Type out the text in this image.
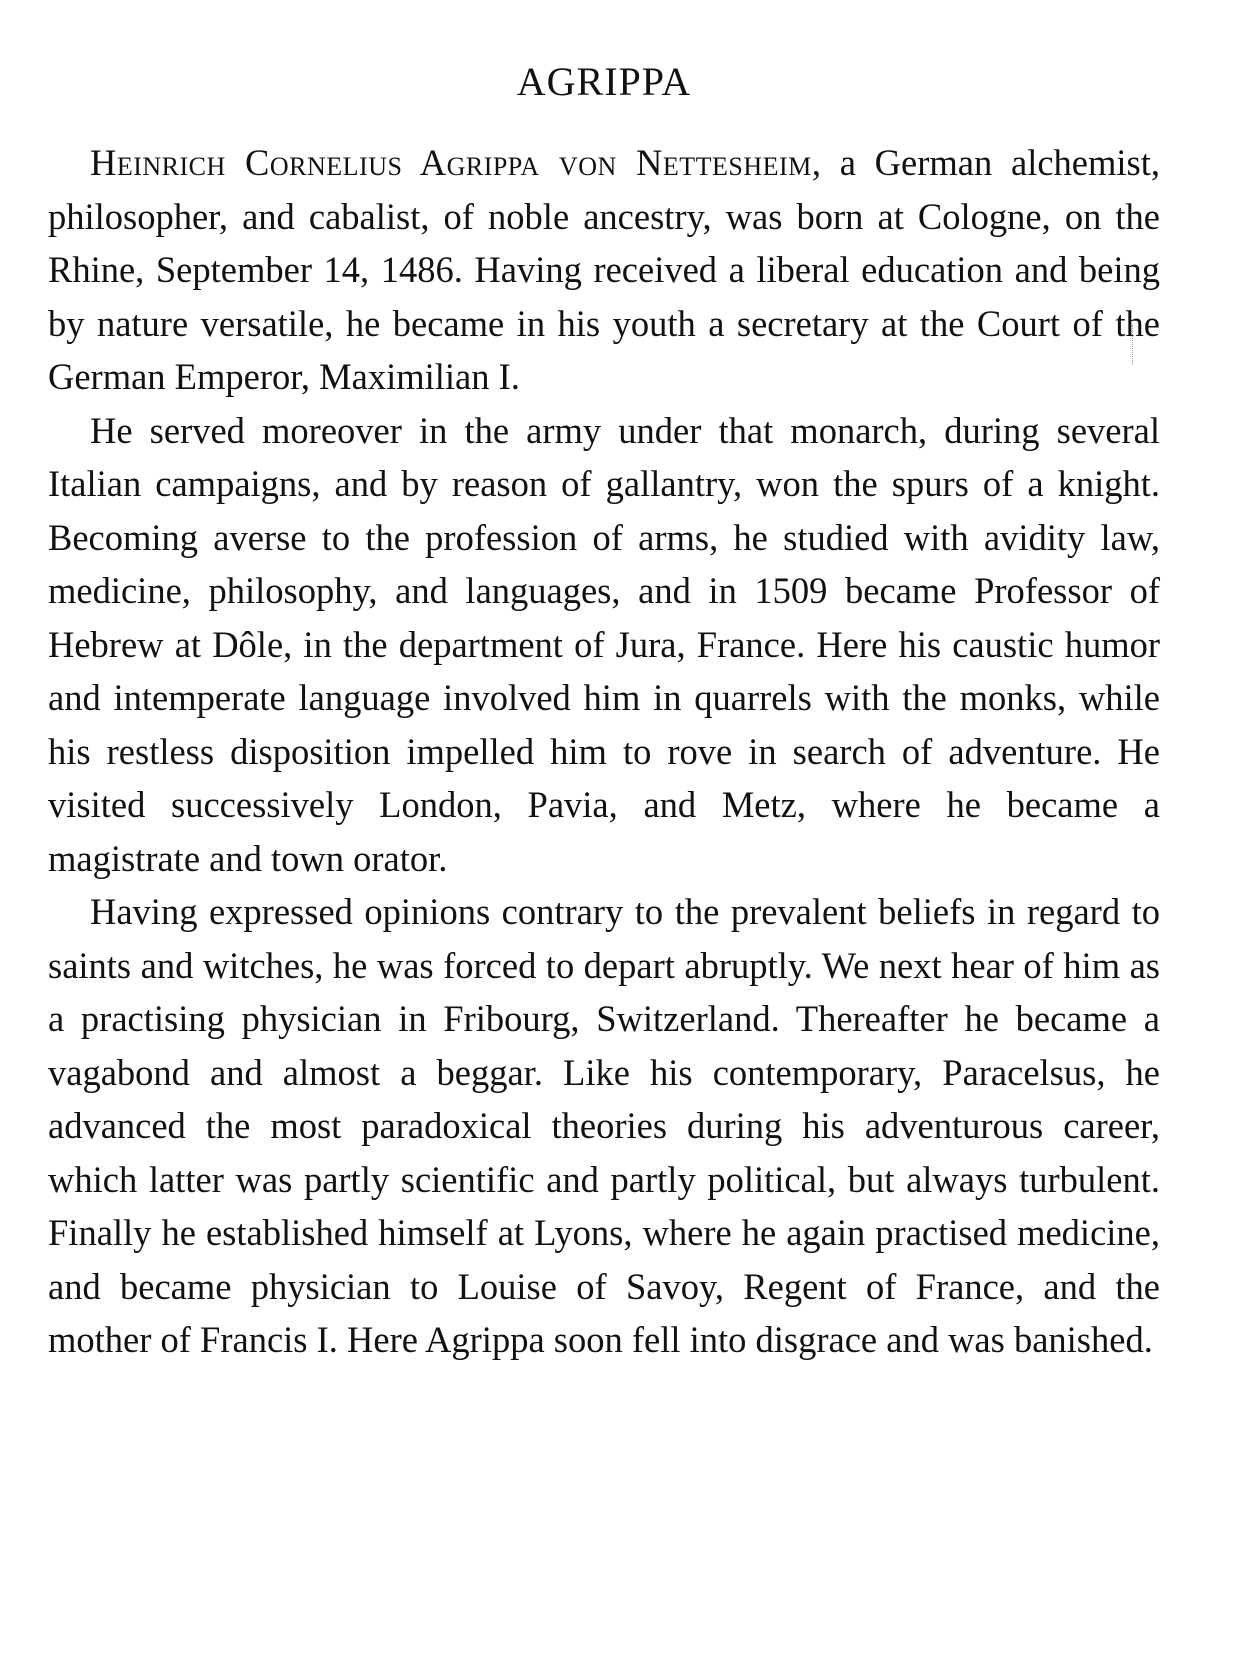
AGRIPPA

Heinrich Cornelius Agrippa von Nettesheim, a German alchemist, philosopher, and cabalist, of noble ancestry, was born at Cologne, on the Rhine, September 14, 1486. Having received a liberal education and being by nature versatile, he became in his youth a secretary at the Court of the German Emperor, Maximilian I.

He served moreover in the army under that monarch, during several Italian campaigns, and by reason of gallantry, won the spurs of a knight. Becoming averse to the profession of arms, he studied with avidity law, medicine, philosophy, and languages, and in 1509 became Professor of Hebrew at Dôle, in the department of Jura, France. Here his caustic humor and intemperate language involved him in quarrels with the monks, while his restless disposition impelled him to rove in search of adventure. He visited successively London, Pavia, and Metz, where he became a magistrate and town orator.

Having expressed opinions contrary to the prevalent beliefs in regard to saints and witches, he was forced to depart abruptly. We next hear of him as a practising physician in Fribourg, Switzerland. Thereafter he became a vagabond and almost a beggar. Like his contemporary, Paracelsus, he advanced the most paradoxical theories during his adventurous career, which latter was partly scientific and partly political, but always turbulent. Finally he established himself at Lyons, where he again practised medicine, and became physician to Louise of Savoy, Regent of France, and the mother of Francis I. Here Agrippa soon fell into disgrace and was banished.
